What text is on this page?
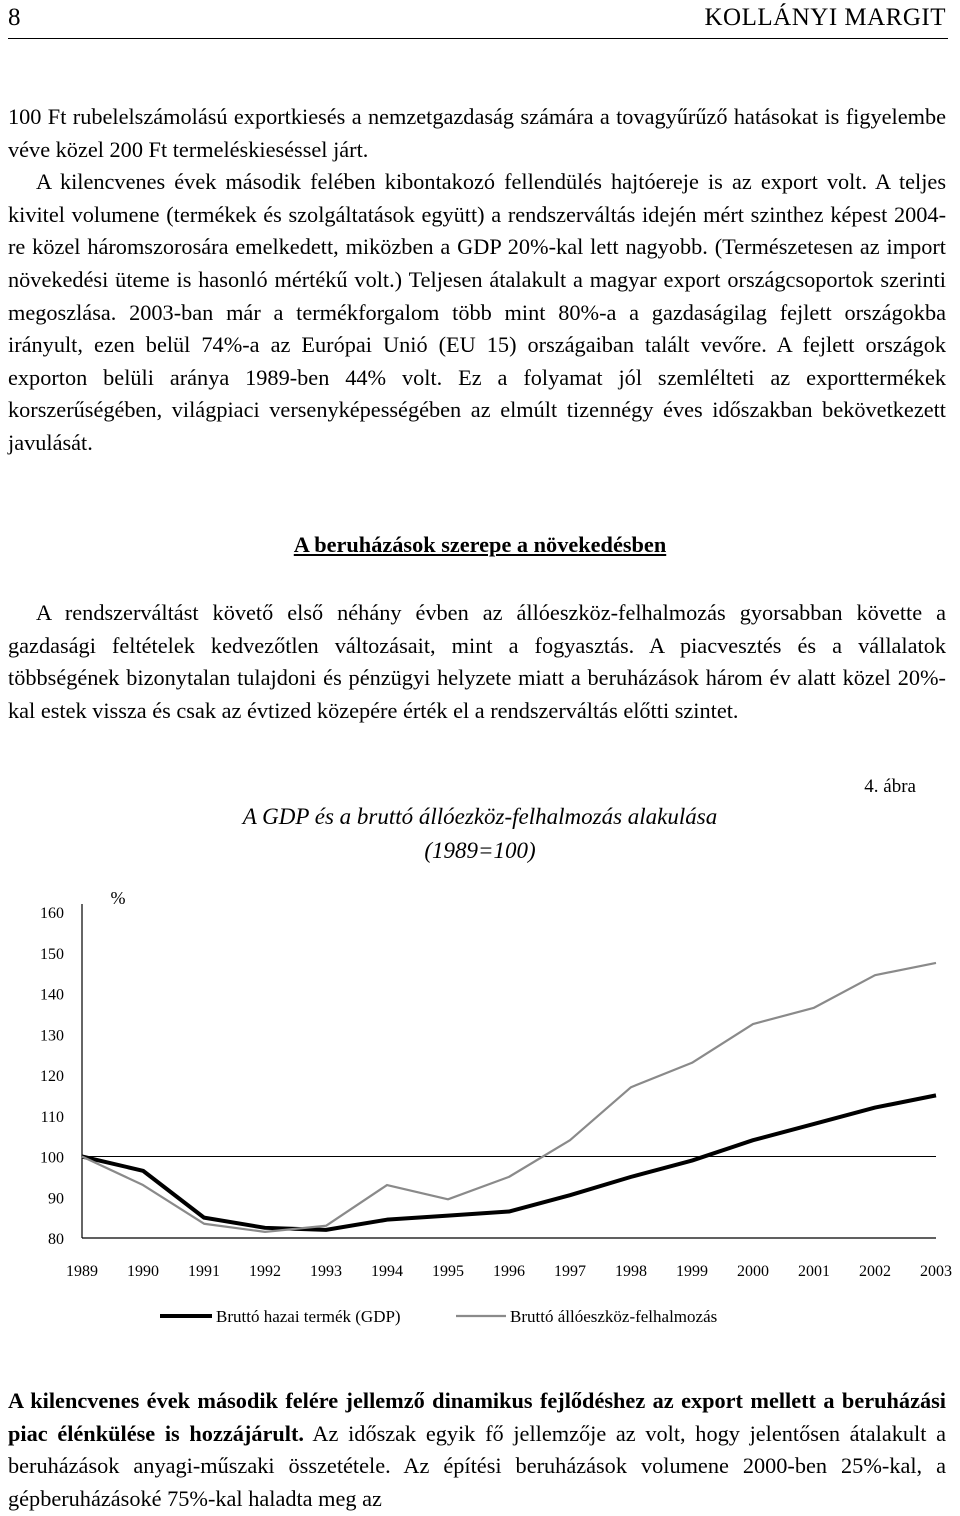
8	KOLLÁNYI MARGIT

100 Ft rubelelszámolású exportkiesés a nemzetgazdaság számára a tovagyűrűző hatásokat is figyelembe véve közel 200 Ft termeléskieséssel járt.
A kilencvenes évek második felében kibontakozó fellendülés hajtóereje is az export volt. A teljes kivitel volumene (termékek és szolgáltatások együtt) a rendszerváltás idején mért szinthez képest 2004-re közel háromszorosára emelkedett, miközben a GDP 20%-kal lett nagyobb. (Természetesen az import növekedési üteme is hasonló mértékű volt.) Teljesen átalakult a magyar export országcsoportok szerinti megoszlása. 2003-ban már a termékforgalom több mint 80%-a a gazdaságilag fejlett országokba irányult, ezen belül 74%-a az Európai Unió (EU 15) országaiban talált vevőre. A fejlett országok exporton belüli aránya 1989-ben 44% volt. Ez a folyamat jól szemlélteti az exporttermékek korszerűségében, világpiaci versenyképességében az elmúlt tizennégy éves időszakban bekövetkezett javulását.

A beruházások szerepe a növekedésben

A rendszerváltást követő első néhány évben az állóeszköz-felhalmozás gyorsabban követte a gazdasági feltételek kedvezőtlen változásait, mint a fogyasztás. A piacvesztés és a vállalatok többségének bizonytalan tulajdoni és pénzügyi helyzete miatt a beruházások három év alatt közel 20%-kal estek vissza és csak az évtized közepére érték el a rendszerváltás előtti szintet.

4. ábra
A GDP és a bruttó állóezköz-felhalmozás alakulása
(1989=100)
160
150
140
130
120
110
100
90
80
%
1989 1990 1991 1992 1993 1994 1995 1996 1997 1998 1999 2000 2001 2002 2003
Bruttó hazai termék (GDP)	Bruttó állóeszköz-felhalmozás

A kilencvenes évek második felére jellemző dinamikus fejlődéshez az export mellett a beruházási piac élénkülése is hozzájárult. Az időszak egyik fő jellemzője az volt, hogy jelentősen átalakult a beruházások anyagi-műszaki összetétele. Az építési beruházások volumene 2000-ben 25%-kal, a gépberuházásoké 75%-kal haladta meg az
